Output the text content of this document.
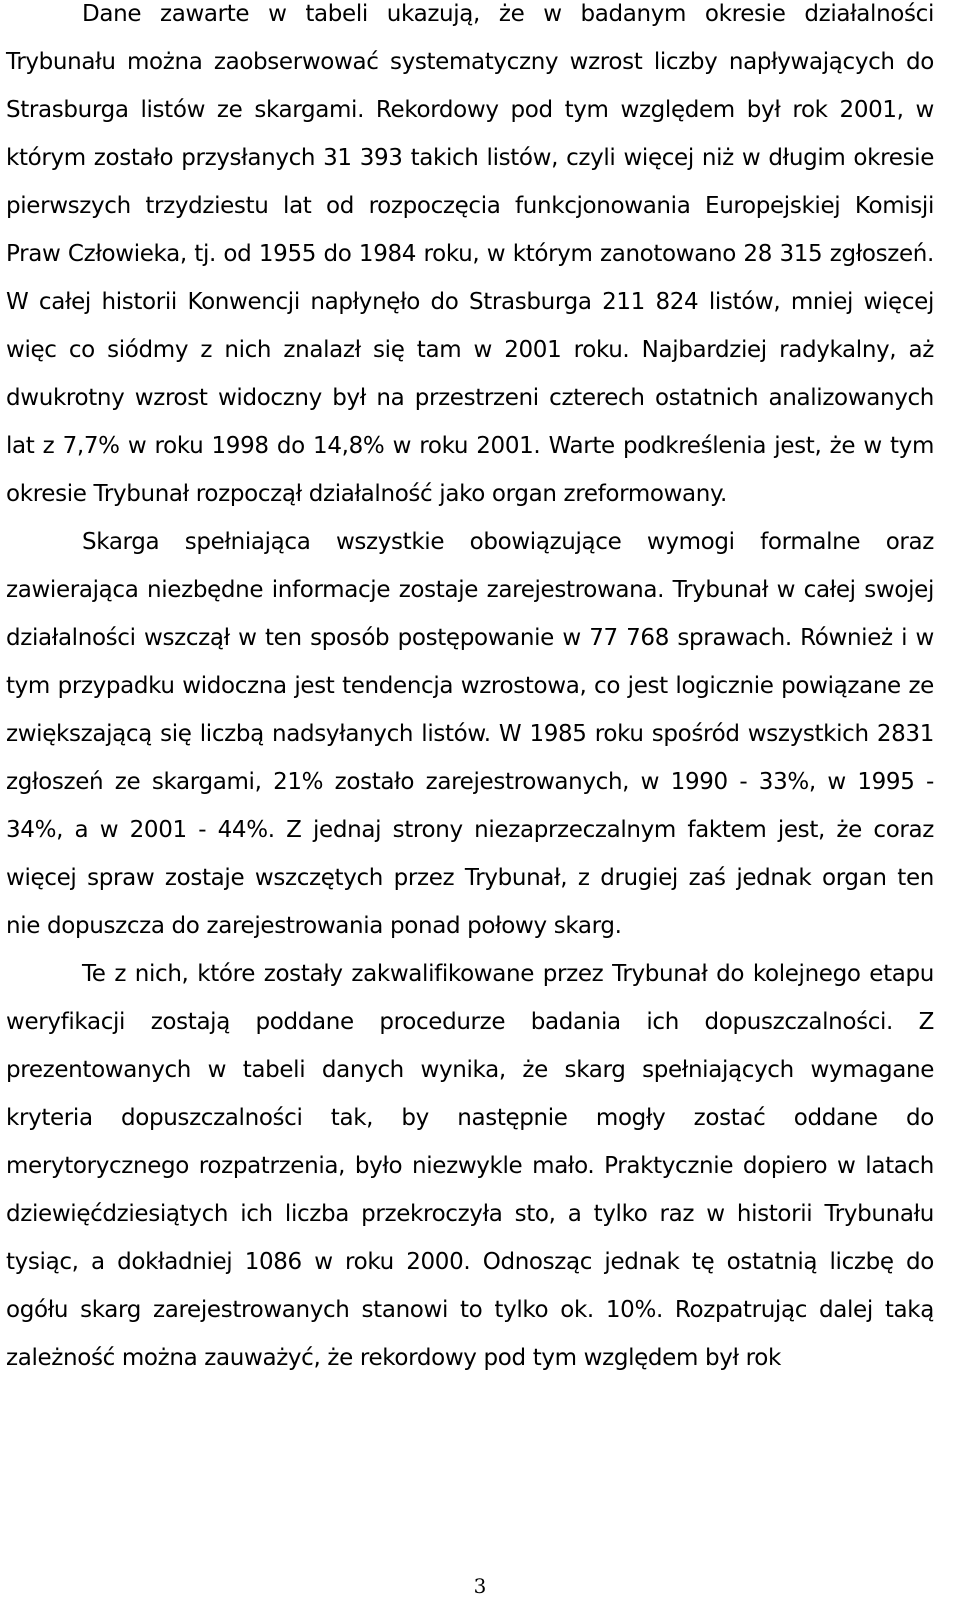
Dane zawarte w tabeli ukazują, że w badanym okresie działalności Trybunału można zaobserwować systematyczny wzrost liczby napływających do Strasburga listów ze skargami. Rekordowy pod tym względem był rok 2001, w którym zostało przysłanych 31 393 takich listów, czyli więcej niż w długim okresie pierwszych trzydziestu lat od rozpoczęcia funkcjonowania Europejskiej Komisji Praw Człowieka, tj. od 1955 do 1984 roku, w którym zanotowano 28 315 zgłoszeń. W całej historii Konwencji napłynęło do Strasburga 211 824 listów, mniej więcej więc co siódmy z nich znalazł się tam w 2001 roku. Najbardziej radykalny, aż dwukrotny wzrost widoczny był na przestrzeni czterech ostatnich analizowanych lat z 7,7% w roku 1998 do 14,8% w roku 2001. Warte podkreślenia jest, że w tym okresie Trybunał rozpoczął działalność jako organ zreformowany.

Skarga spełniająca wszystkie obowiązujące wymogi formalne oraz zawierająca niezbędne informacje zostaje zarejestrowana. Trybunał w całej swojej działalności wszczął w ten sposób postępowanie w 77 768 sprawach. Również i w tym przypadku widoczna jest tendencja wzrostowa, co jest logicznie powiązane ze zwiększającą się liczbą nadsyłanych listów. W 1985 roku spośród wszystkich 2831 zgłoszeń ze skargami, 21% zostało zarejestrowanych, w 1990 - 33%, w 1995 - 34%, a w 2001 - 44%. Z jednaj strony niezaprzeczalnym faktem jest, że coraz więcej spraw zostaje wszczętych przez Trybunał, z drugiej zaś jednak organ ten nie dopuszcza do zarejestrowania ponad połowy skarg.

Te z nich, które zostały zakwalifikowane przez Trybunał do kolejnego etapu weryfikacji zostają poddane procedurze badania ich dopuszczalności. Z prezentowanych w tabeli danych wynika, że skarg spełniających wymagane kryteria dopuszczalności tak, by następnie mogły zostać oddane do merytorycznego rozpatrzenia, było niezwykle mało. Praktycznie dopiero w latach dziewięćdziesiątych ich liczba przekroczyła sto, a tylko raz w historii Trybunału tysiąc, a dokładniej 1086 w roku 2000. Odnosząc jednak tę ostatnią liczbę do ogółu skarg zarejestrowanych stanowi to tylko ok. 10%. Rozpatrując dalej taką zależność można zauważyć, że rekordowy pod tym względem był rok

3
